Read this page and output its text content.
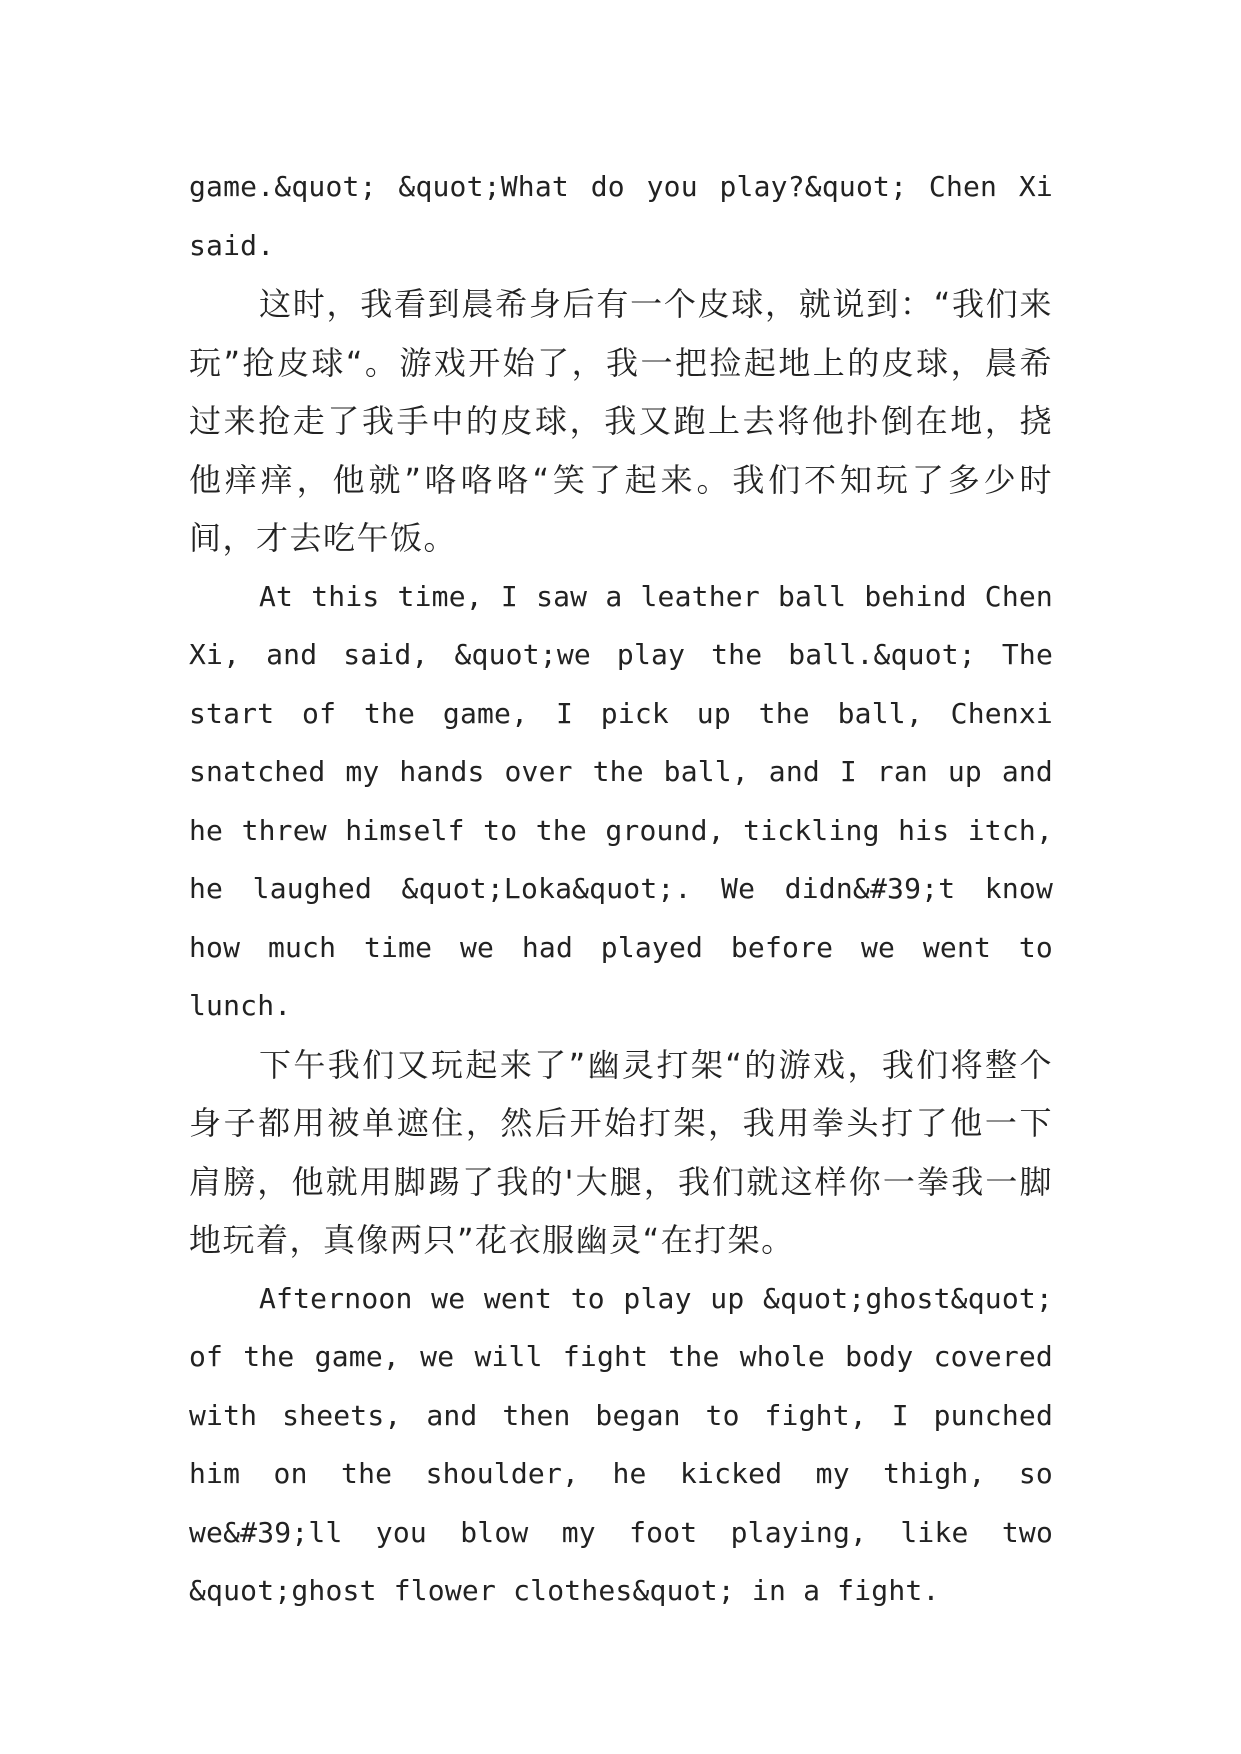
game.&quot; &quot;What do you play?&quot; Chen Xi said.

这时，我看到晨希身后有一个皮球，就说到：“我们来玩”抢皮球“。游戏开始了，我一把捡起地上的皮球，晨希过来抢走了我手中的皮球，我又跑上去将他扑倒在地，挠他痒痒，他就”咯咯咯“笑了起来。我们不知玩了多少时间，才去吃午饭。

At this time, I saw a leather ball behind Chen Xi, and said, &quot;we play the ball.&quot; The start of the game, I pick up the ball, Chenxi snatched my hands over the ball, and I ran up and he threw himself to the ground, tickling his itch, he laughed &quot;Loka&quot;. We didn&#39;t know how much time we had played before we went to lunch.

下午我们又玩起来了”幽灵打架“的游戏，我们将整个身子都用被单遮住，然后开始打架，我用拳头打了他一下肩膀，他就用脚踢了我的'大腿，我们就这样你一拳我一脚地玩着，真像两只”花衣服幽灵“在打架。

Afternoon we went to play up &quot;ghost&quot; of the game, we will fight the whole body covered with sheets, and then began to fight, I punched him on the shoulder, he kicked my thigh, so we&#39;ll you blow my foot playing, like two &quot;ghost flower clothes&quot; in a fight.
